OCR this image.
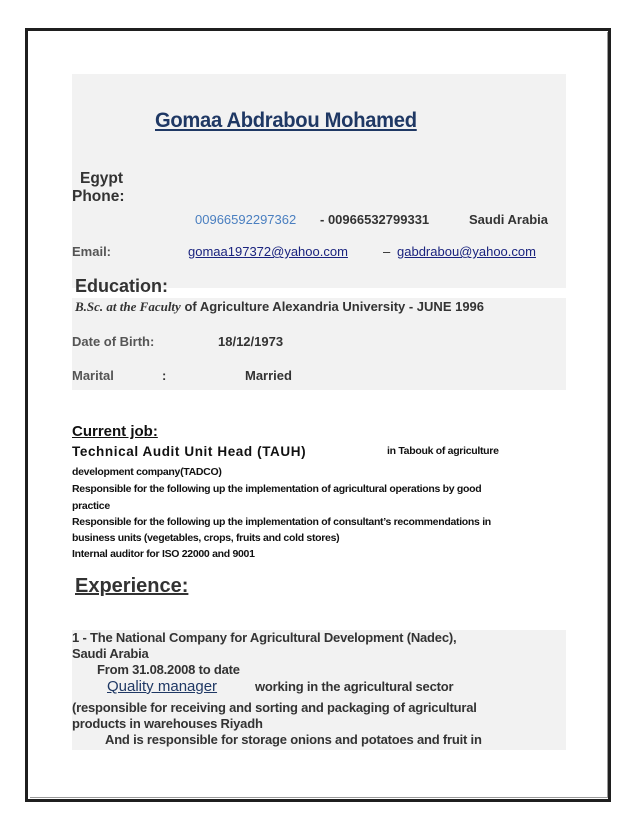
Gomaa Abdrabou Mohamed
Egypt
Phone:
00966592297362 - 00966532799331	Saudi Arabia
Email:	gomaa197372@yahoo.com	– gabdrabou@yahoo.com
Education:
B.Sc. at the Faculty of Agriculture Alexandria University - JUNE 1996
Date of Birth:	18/12/1973
Marital	:	Married
Current job:
Technical Audit Unit Head (TAUH)	in Tabouk of agriculture
development company(TADCO)
Responsible for the following up the implementation of agricultural operations by good
practice
Responsible for the following up the implementation of consultant’s recommendations in
business units (vegetables, crops, fruits and cold stores)
Internal auditor for ISO 22000 and 9001
Experience:
1 - The National Company for Agricultural Development (Nadec),
Saudi Arabia
From 31.08.2008 to date
Quality manager	working in the agricultural sector
(responsible for receiving and sorting and packaging of agricultural
products in warehouses Riyadh
And is responsible for storage onions and potatoes and fruit in
